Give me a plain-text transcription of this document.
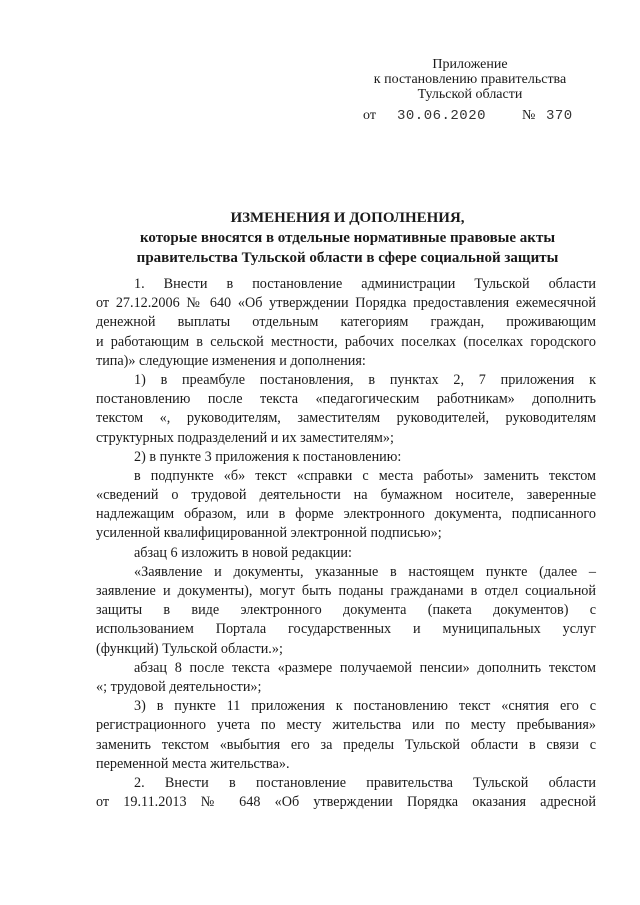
Приложение
к постановлению правительства
Тульской области
от 30.06.2020	№ 370
ИЗМЕНЕНИЯ И ДОПОЛНЕНИЯ,
которые вносятся в отдельные нормативные правовые акты
правительства Тульской области в сфере социальной защиты
1. Внести в постановление администрации Тульской области
от 27.12.2006 № 640 «Об утверждении Порядка предоставления ежемесячной
денежной выплаты отдельным категориям граждан, проживающим
и работающим в сельской местности, рабочих поселках (поселках городского
типа)» следующие изменения и дополнения:
1) в преамбуле постановления, в пунктах 2, 7 приложения к
постановлению после текста «педагогическим работникам» дополнить
текстом «, руководителям, заместителям руководителей, руководителям
структурных подразделений и их заместителям»;
2) в пункте 3 приложения к постановлению:
в подпункте «б» текст «справки с места работы» заменить текстом
«сведений о трудовой деятельности на бумажном носителе, заверенные
надлежащим образом, или в форме электронного документа, подписанного
усиленной квалифицированной электронной подписью»;
абзац 6 изложить в новой редакции:
«Заявление и документы, указанные в настоящем пункте (далее –
заявление и документы), могут быть поданы гражданами в отдел социальной
защиты в виде электронного документа (пакета документов) с
использованием Портала государственных и муниципальных услуг
(функций) Тульской области.»;
абзац 8 после текста «размере получаемой пенсии» дополнить текстом
«; трудовой деятельности»;
3) в пункте 11 приложения к постановлению текст «снятия его с
регистрационного учета по месту жительства или по месту пребывания»
заменить текстом «выбытия его за пределы Тульской области в связи с
переменной места жительства».
2. Внести в постановление правительства Тульской области
от 19.11.2013 № 648 «Об утверждении Порядка оказания адресной
